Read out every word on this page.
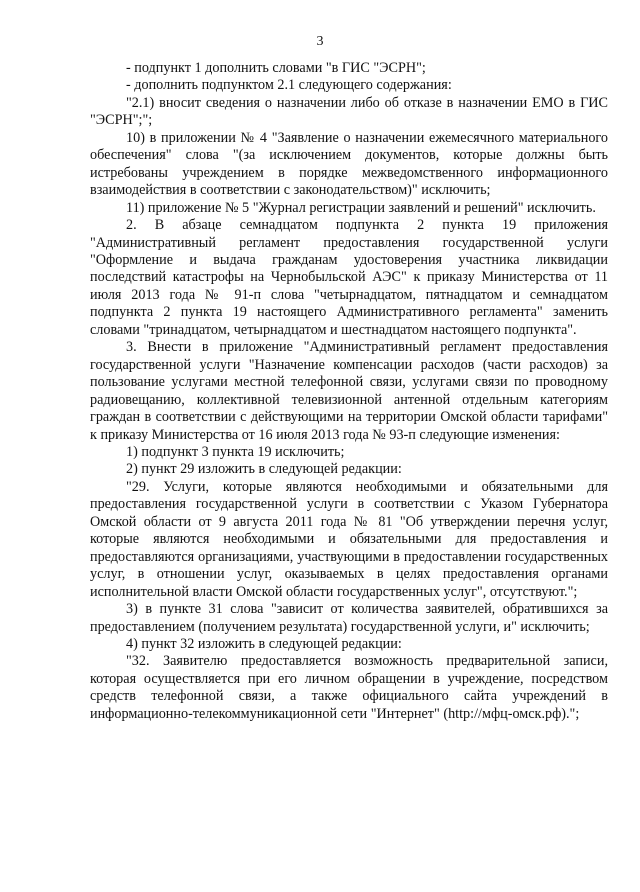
3

- подпункт 1 дополнить словами "в ГИС "ЭСРН";

- дополнить подпунктом 2.1 следующего содержания:

"2.1) вносит сведения о назначении либо об отказе в назначении ЕМО в ГИС "ЭСРН";";

10) в приложении № 4 "Заявление о назначении ежемесячного материального обеспечения" слова "(за исключением документов, которые должны быть истребованы учреждением в порядке межведомственного информационного взаимодействия в соответствии с законодательством)" исключить;

11) приложение № 5 "Журнал регистрации заявлений и решений" исключить.

2. В абзаце семнадцатом подпункта 2 пункта 19 приложения "Административный регламент предоставления государственной услуги "Оформление и выдача гражданам удостоверения участника ликвидации последствий катастрофы на Чернобыльской АЭС" к приказу Министерства от 11 июля 2013 года № 91-п слова "четырнадцатом, пятнадцатом и семнадцатом подпункта 2 пункта 19 настоящего Административного регламента" заменить словами "тринадцатом, четырнадцатом и шестнадцатом настоящего подпункта".

3. Внести в приложение "Административный регламент предоставления государственной услуги "Назначение компенсации расходов (части расходов) за пользование услугами местной телефонной связи, услугами связи по проводному радиовещанию, коллективной телевизионной антенной отдельным категориям граждан в соответствии с действующими на территории Омской области тарифами" к приказу Министерства от 16 июля 2013 года № 93-п следующие изменения:

1) подпункт 3 пункта 19 исключить;

2) пункт 29 изложить в следующей редакции:

"29. Услуги, которые являются необходимыми и обязательными для предоставления государственной услуги в соответствии с Указом Губернатора Омской области от 9 августа 2011 года № 81 "Об утверждении перечня услуг, которые являются необходимыми и обязательными для предоставления и предоставляются организациями, участвующими в предоставлении государственных услуг, в отношении услуг, оказываемых в целях предоставления органами исполнительной власти Омской области государственных услуг", отсутствуют.";

3) в пункте 31 слова "зависит от количества заявителей, обратившихся за предоставлением (получением результата) государственной услуги, и" исключить;

4) пункт 32 изложить в следующей редакции:

"32. Заявителю предоставляется возможность предварительной записи, которая осуществляется при его личном обращении в учреждение, посредством средств телефонной связи, а также официального сайта учреждений в информационно-телекоммуникационной сети "Интернет" (http://мфц-омск.рф).";
